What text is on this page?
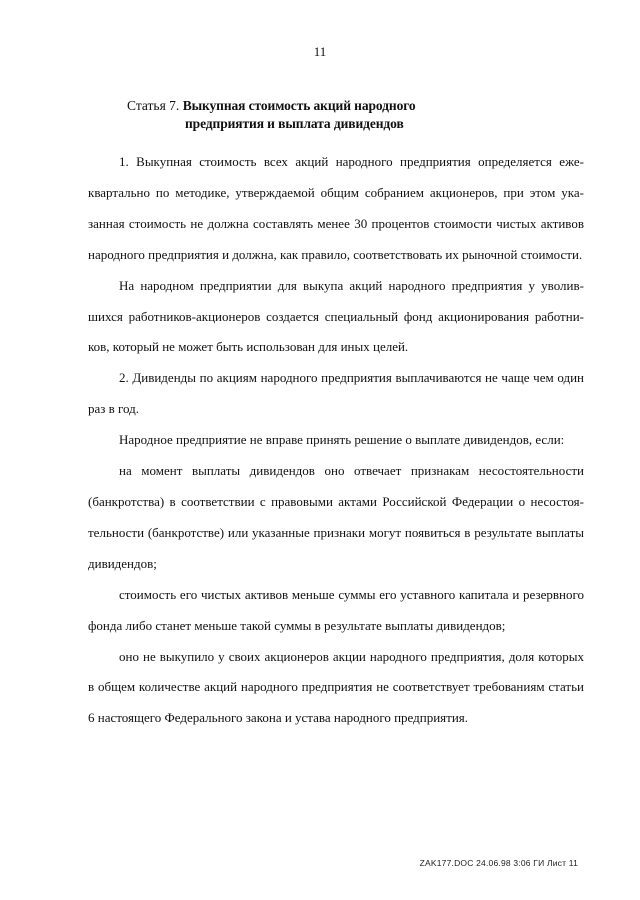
11
Статья 7. Выкупная стоимость акций народного
предприятия и выплата дивидендов

1. Выкупная стоимость всех акций народного предприятия определяется ежеквартально по методике, утверждаемой общим собранием акционеров, при этом указанная стоимость не должна составлять менее 30 процентов стоимости чистых активов народного предприятия и должна, как правило, соответствовать их рыночной стоимости.

На народном предприятии для выкупа акций народного предприятия у уволившихся работников-акционеров создается специальный фонд акционирования работников, который не может быть использован для иных целей.

2. Дивиденды по акциям народного предприятия выплачиваются не чаще чем один раз в год.

Народное предприятие не вправе принять решение о выплате дивидендов, если:

на момент выплаты дивидендов оно отвечает признакам несостоятельности (банкротства) в соответствии с правовыми актами Российской Федерации о несостоятельности (банкротстве) или указанные признаки могут появиться в результате выплаты дивидендов;

стоимость его чистых активов меньше суммы его уставного капитала и резервного фонда либо станет меньше такой суммы в результате выплаты дивидендов;

оно не выкупило у своих акционеров акции народного предприятия, доля которых в общем количестве акций народного предприятия не соответствует требованиям статьи 6 настоящего Федерального закона и устава народного предприятия.

ZAK177.DOC 24.06.98 3:06 ГИ Лист 11
